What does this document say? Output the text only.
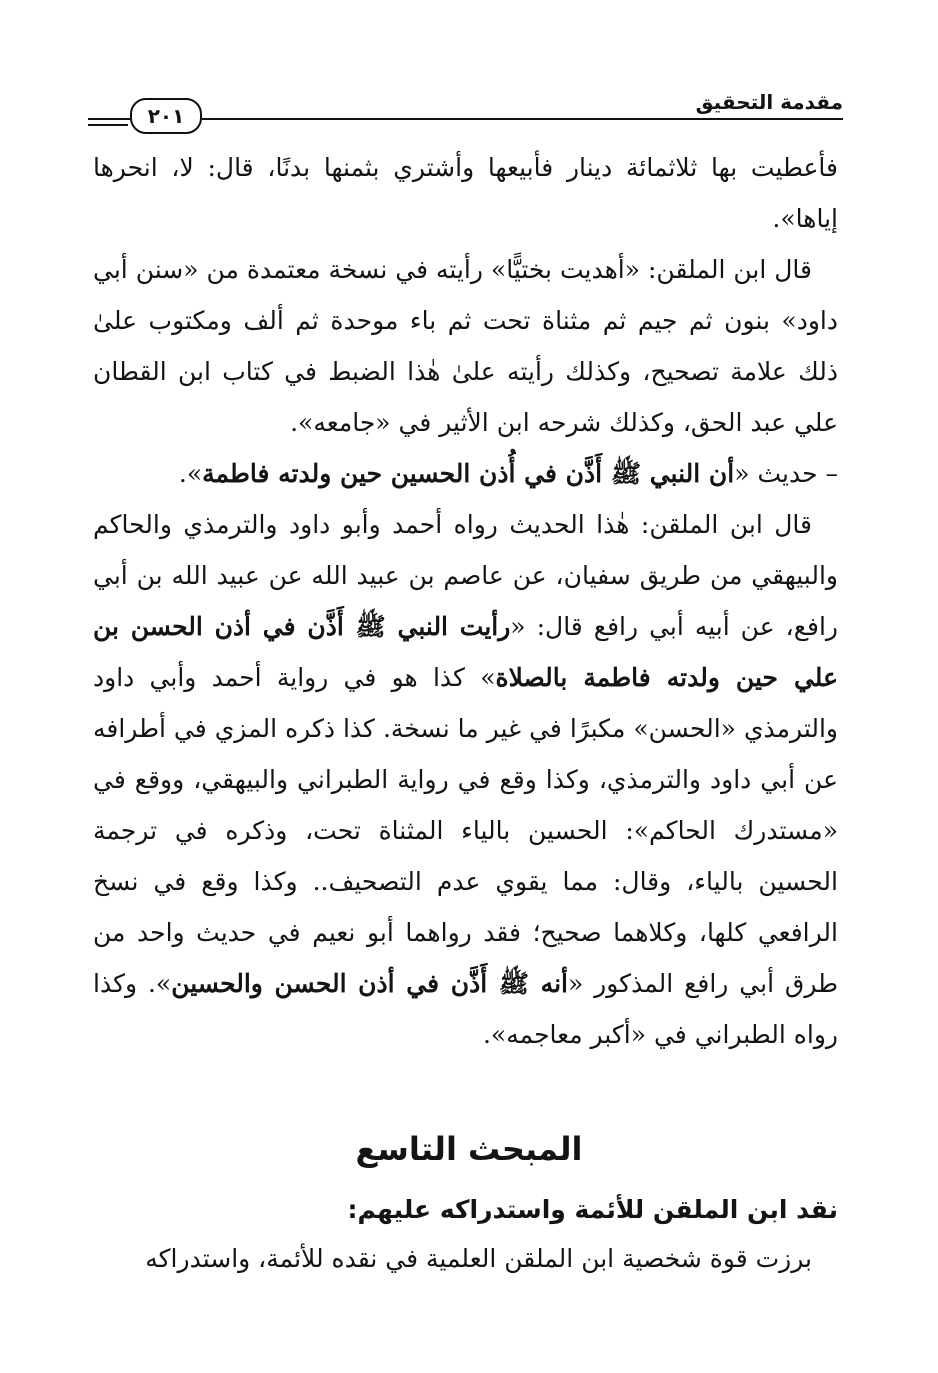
٢٠١
مقدمة التحقيق

فأعطيت بها ثلاثمائة دينار فأبيعها وأشتري بثمنها بدنًا، قال: لا، انحرها إياها».

قال ابن الملقن: «أهديت بختيًّا» رأيته في نسخة معتمدة من «سنن أبي داود» بنون ثم جيم ثم مثناة تحت ثم باء موحدة ثم ألف ومكتوب علىٰ ذلك علامة تصحيح، وكذلك رأيته علىٰ هٰذا الضبط في كتاب ابن القطان علي عبد الحق، وكذلك شرحه ابن الأثير في «جامعه».

– حديث «أن النبي ﷺ أَذَّن في أُذن الحسين حين ولدته فاطمة».

قال ابن الملقن: هٰذا الحديث رواه أحمد وأبو داود والترمذي والحاكم والبيهقي من طريق سفيان، عن عاصم بن عبيد الله عن عبيد الله بن أبي رافع، عن أبيه أبي رافع قال: «رأيت النبي ﷺ أَذَّن في أذن الحسن بن علي حين ولدته فاطمة بالصلاة» كذا هو في رواية أحمد وأبي داود والترمذي «الحسن» مكبرًا في غير ما نسخة. كذا ذكره المزي في أطرافه عن أبي داود والترمذي، وكذا وقع في رواية الطبراني والبيهقي، ووقع في «مستدرك الحاكم»: الحسين بالياء المثناة تحت، وذكره في ترجمة الحسين بالياء، وقال: مما يقوي عدم التصحيف.. وكذا وقع في نسخ الرافعي كلها، وكلاهما صحيح؛ فقد رواهما أبو نعيم في حديث واحد من طرق أبي رافع المذكور «أنه ﷺ أَذَّن في أذن الحسن والحسين». وكذا رواه الطبراني في «أكبر معاجمه».

المبحث التاسع
نقد ابن الملقن للأئمة واستدراكه عليهم:
برزت قوة شخصية ابن الملقن العلمية في نقده للأئمة، واستدراكه
